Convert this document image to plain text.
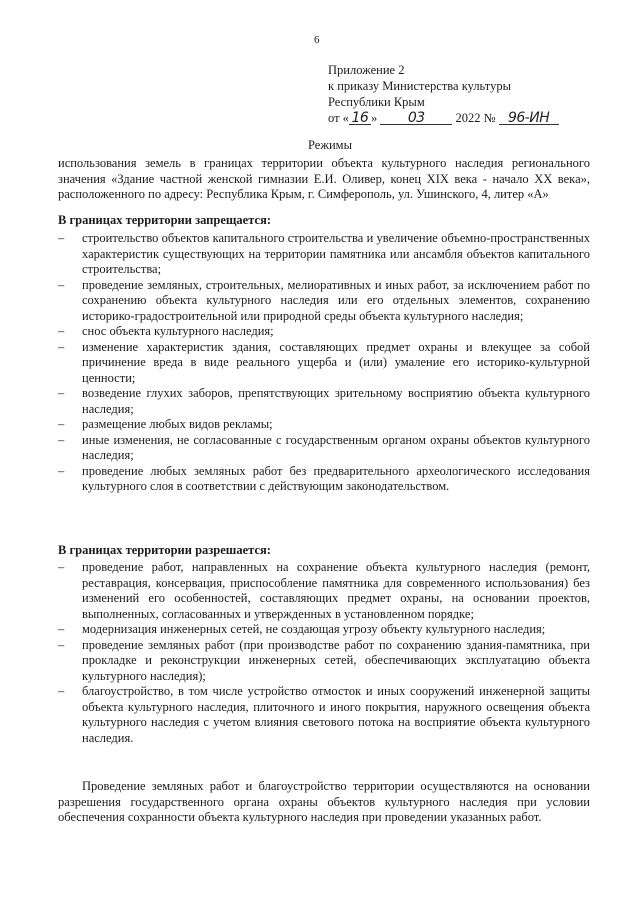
6
Приложение 2
к приказу Министерства культуры
Республики Крым
от « 16 » 03 2022 № 96-ИН
Режимы
использования земель в границах территории объекта культурного наследия регионального значения «Здание частной женской гимназии Е.И. Оливер, конец XIX века - начало XX века», расположенного по адресу: Республика Крым, г. Симферополь, ул. Ушинского, 4, литер «А»
В границах территории запрещается:
– строительство объектов капитального строительства и увеличение объемно-пространственных характеристик существующих на территории памятника или ансамбля объектов капитального строительства;
– проведение земляных, строительных, мелиоративных и иных работ, за исключением работ по сохранению объекта культурного наследия или его отдельных элементов, сохранению историко-градостроительной или природной среды объекта культурного наследия;
– снос объекта культурного наследия;
– изменение характеристик здания, составляющих предмет охраны и влекущее за собой причинение вреда в виде реального ущерба и (или) умаление его историко-культурной ценности;
– возведение глухих заборов, препятствующих зрительному восприятию объекта культурного наследия;
– размещение любых видов рекламы;
– иные изменения, не согласованные с государственным органом охраны объектов культурного наследия;
– проведение любых земляных работ без предварительного археологического исследования культурного слоя в соответствии с действующим законодательством.
В границах территории разрешается:
– проведение работ, направленных на сохранение объекта культурного наследия (ремонт, реставрация, консервация, приспособление памятника для современного использования) без изменений его особенностей, составляющих предмет охраны, на основании проектов, выполненных, согласованных и утвержденных в установленном порядке;
– модернизация инженерных сетей, не создающая угрозу объекту культурного наследия;
– проведение земляных работ (при производстве работ по сохранению здания-памятника, при прокладке и реконструкции инженерных сетей, обеспечивающих эксплуатацию объекта культурного наследия);
– благоустройство, в том числе устройство отмосток и иных сооружений инженерной защиты объекта культурного наследия, плиточного и иного покрытия, наружного освещения объекта культурного наследия с учетом влияния светового потока на восприятие объекта культурного наследия.
Проведение земляных работ и благоустройство территории осуществляются на основании разрешения государственного органа охраны объектов культурного наследия при условии обеспечения сохранности объекта культурного наследия при проведении указанных работ.
